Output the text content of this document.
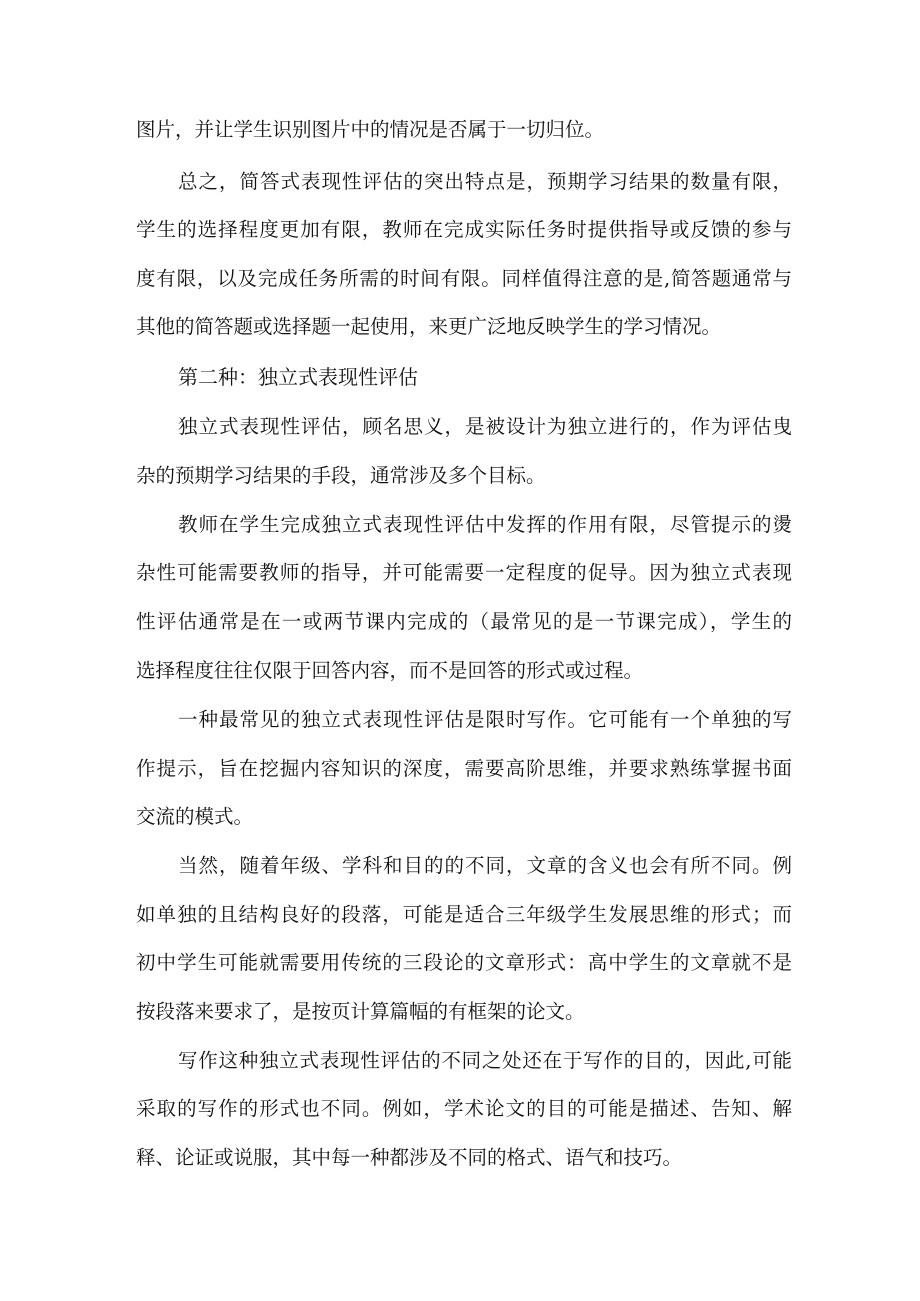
图片，并让学生识别图片中的情况是否属于一切归位。
总之，简答式表现性评估的突出特点是，预期学习结果的数量有限，
学生的选择程度更加有限，教师在完成实际任务时提供指导或反馈的参与
度有限，以及完成任务所需的时间有限。同样值得注意的是,简答题通常与
其他的简答题或选择题一起使用，来更广泛地反映学生的学习情况。
第二种：独立式表现性评估
独立式表现性评估，顾名思义，是被设计为独立进行的，作为评估曳
杂的预期学习结果的手段，通常涉及多个目标。
教师在学生完成独立式表现性评估中发挥的作用有限，尽管提示的燙
杂性可能需要教师的指导，并可能需要一定程度的促导。因为独立式表现
性评估通常是在一或两节课内完成的（最常见的是一节课完成），学生的
选择程度往往仅限于回答内容，而不是回答的形式或过程。
一种最常见的独立式表现性评估是限时写作。它可能有一个单独的写
作提示，旨在挖掘内容知识的深度，需要高阶思维，并要求熟练掌握书面
交流的模式。
当然，随着年级、学科和目的的不同，文章的含义也会有所不同。例
如单独的且结构良好的段落，可能是适合三年级学生发展思维的形式；而
初中学生可能就需要用传统的三段论的文章形式：高中学生的文章就不是
按段落来要求了，是按页计算篇幅的有框架的论文。
写作这种独立式表现性评估的不同之处还在于写作的目的，因此,可能
采取的写作的形式也不同。例如，学术论文的目的可能是描述、告知、解
释、论证或说服，其中每一种都涉及不同的格式、语气和技巧。
